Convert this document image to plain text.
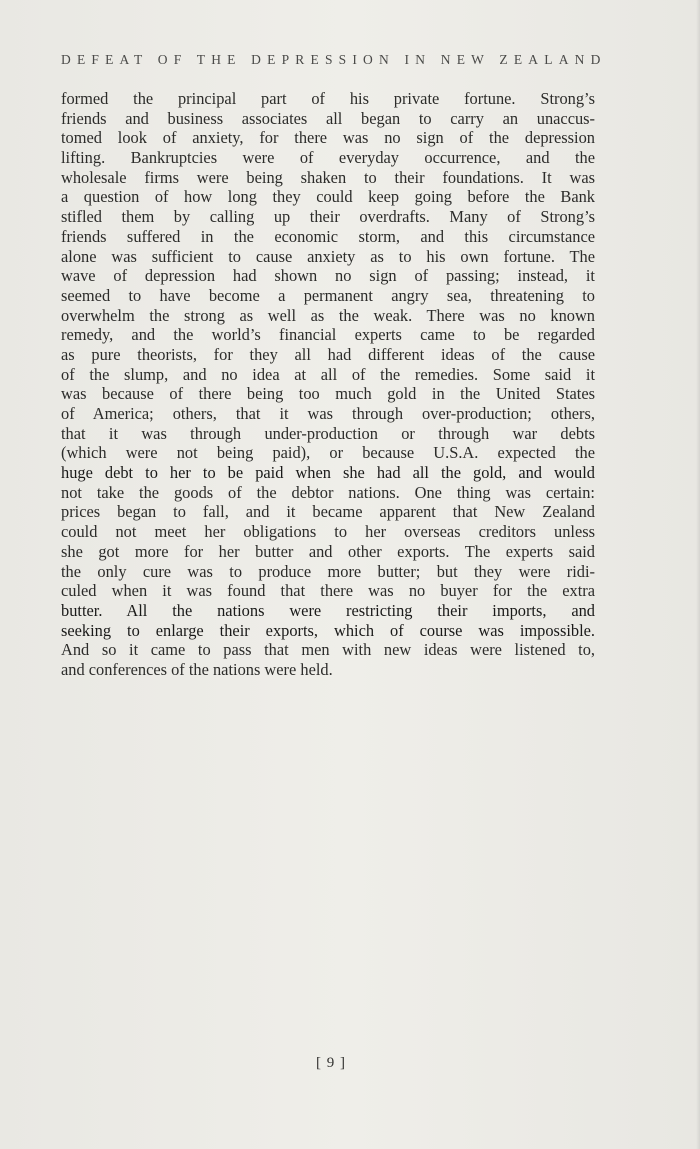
DEFEAT OF THE DEPRESSION IN NEW ZEALAND

formed the principal part of his private fortune. Strong’s
friends and business associates all began to carry an unaccus-
tomed look of anxiety, for there was no sign of the depression
lifting. Bankruptcies were of everyday occurrence, and the
wholesale firms were being shaken to their foundations. It was
a question of how long they could keep going before the Bank
stifled them by calling up their overdrafts. Many of Strong’s
friends suffered in the economic storm, and this circumstance
alone was sufficient to cause anxiety as to his own fortune. The
wave of depression had shown no sign of passing; instead, it
seemed to have become a permanent angry sea, threatening to
overwhelm the strong as well as the weak. There was no known
remedy, and the world’s financial experts came to be regarded
as pure theorists, for they all had different ideas of the cause
of the slump, and no idea at all of the remedies. Some said it
was because of there being too much gold in the United States
of America; others, that it was through over-production; others,
that it was through under-production or through war debts
(which were not being paid), or because U.S.A. expected the
huge debt to her to be paid when she had all the gold, and would
not take the goods of the debtor nations. One thing was certain:
prices began to fall, and it became apparent that New Zealand
could not meet her obligations to her overseas creditors unless
she got more for her butter and other exports. The experts said
the only cure was to produce more butter; but they were ridi-
culed when it was found that there was no buyer for the extra
butter. All the nations were restricting their imports, and
seeking to enlarge their exports, which of course was impossible.
And so it came to pass that men with new ideas were listened to,
and conferences of the nations were held.

[ 9 ]
